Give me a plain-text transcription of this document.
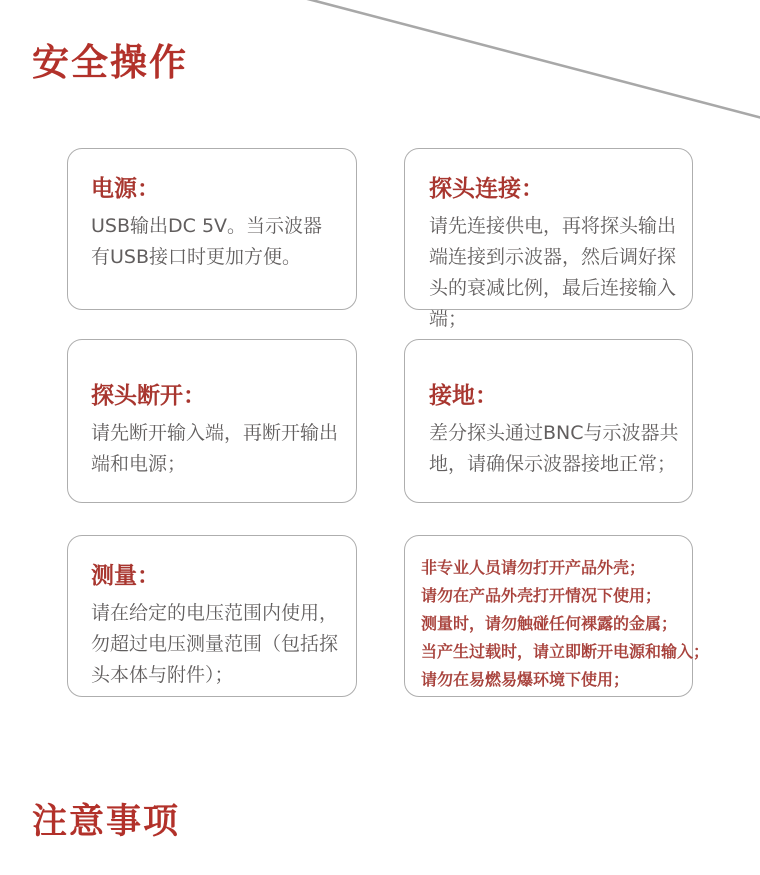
安全操作
电源：
USB输出DC 5V。当示波器有USB接口时更加方便。
探头连接：
请先连接供电，再将探头输出端连接到示波器，然后调好探头的衰减比例，最后连接输入端；
探头断开：
请先断开输入端，再断开输出端和电源；
接地：
差分探头通过BNC与示波器共地，请确保示波器接地正常；
测量：
请在给定的电压范围内使用，勿超过电压测量范围（包括探头本体与附件）；
非专业人员请勿打开产品外壳；
请勿在产品外壳打开情况下使用；
测量时，请勿触碰任何裸露的金属；
当产生过载时，请立即断开电源和输入；
请勿在易燃易爆环境下使用；
注意事项
